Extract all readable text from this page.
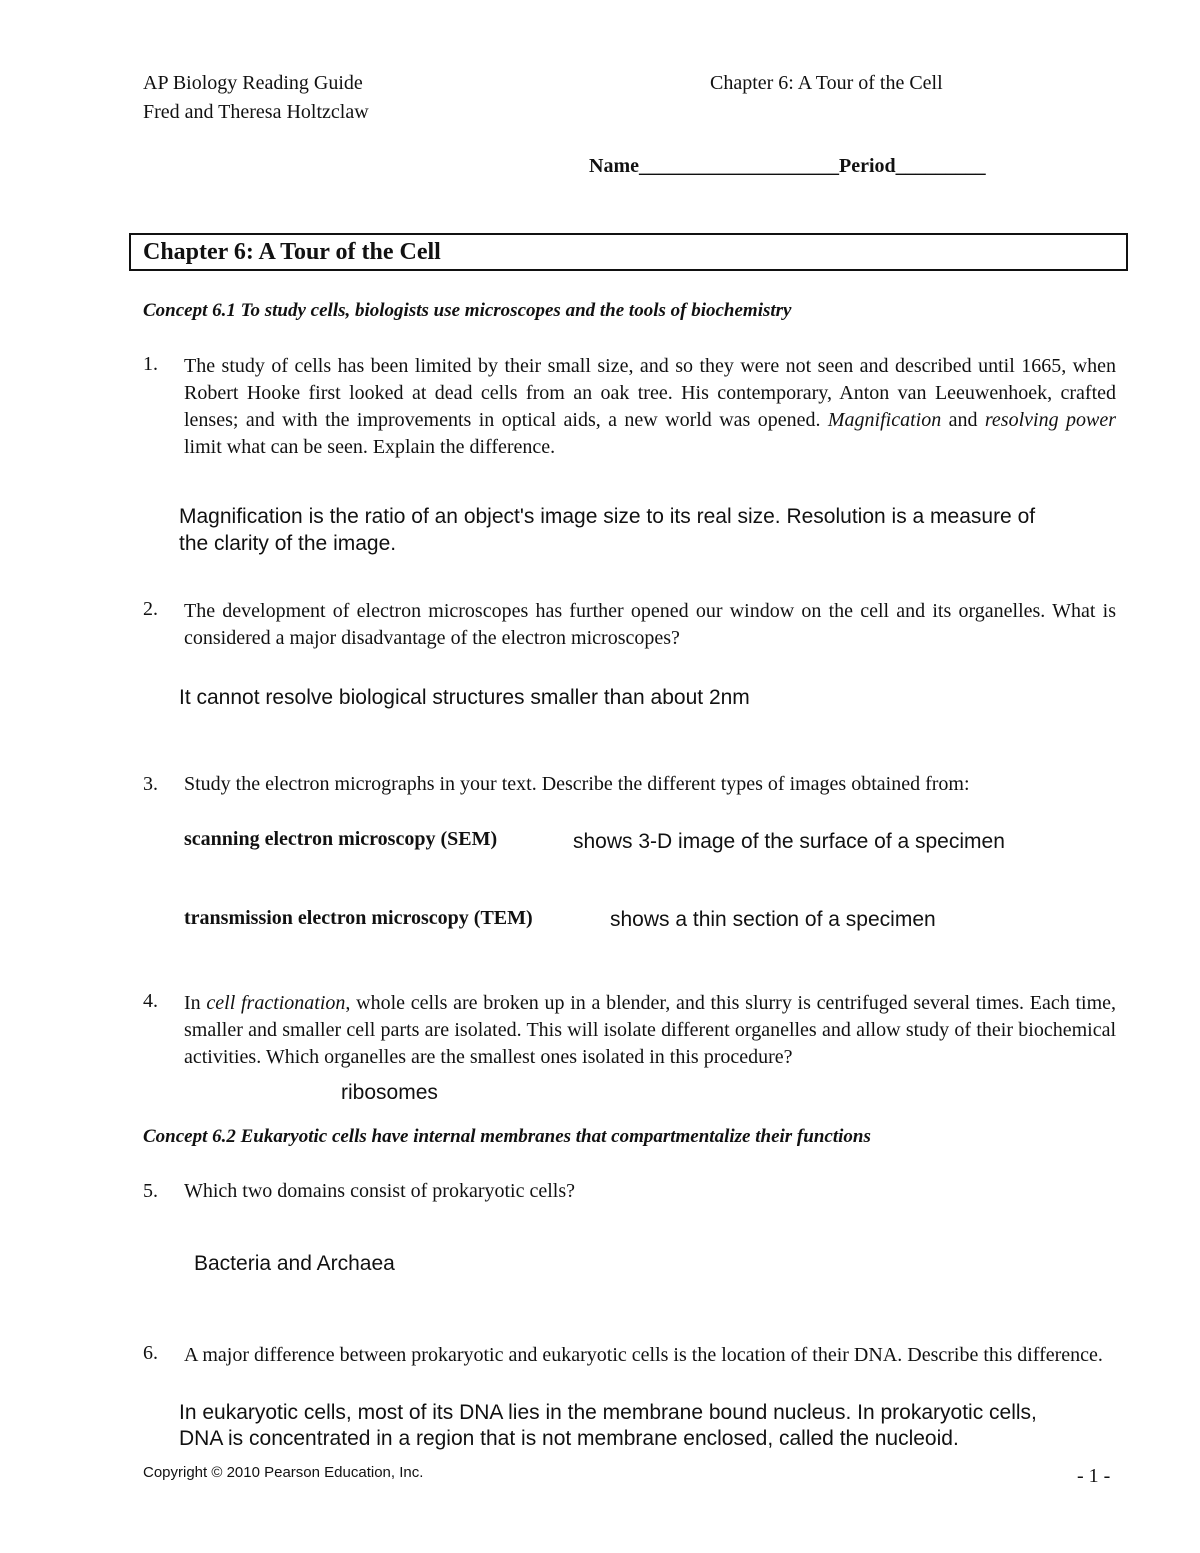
AP Biology Reading Guide
Fred and Theresa Holtzclaw
Chapter 6: A Tour of the Cell
Name____________________Period_________
Chapter 6: A Tour of the Cell
Concept 6.1 To study cells, biologists use microscopes and the tools of biochemistry
1. The study of cells has been limited by their small size, and so they were not seen and described until 1665, when Robert Hooke first looked at dead cells from an oak tree. His contemporary, Anton van Leeuwenhoek, crafted lenses; and with the improvements in optical aids, a new world was opened. Magnification and resolving power limit what can be seen. Explain the difference.
Magnification is the ratio of an object's image size to its real size. Resolution is a measure of
the clarity of the image.
2. The development of electron microscopes has further opened our window on the cell and its organelles. What is considered a major disadvantage of the electron microscopes?
It cannot resolve biological structures smaller than about 2nm
3. Study the electron micrographs in your text. Describe the different types of images obtained from:
scanning electron microscopy (SEM)	shows 3-D image of the surface of a specimen
transmission electron microscopy (TEM)	shows a thin section of a specimen
4. In cell fractionation, whole cells are broken up in a blender, and this slurry is centrifuged several times. Each time, smaller and smaller cell parts are isolated. This will isolate different organelles and allow study of their biochemical activities. Which organelles are the smallest ones isolated in this procedure?
ribosomes
Concept 6.2 Eukaryotic cells have internal membranes that compartmentalize their functions
5. Which two domains consist of prokaryotic cells?
Bacteria and Archaea
6. A major difference between prokaryotic and eukaryotic cells is the location of their DNA. Describe this difference.
In eukaryotic cells, most of its DNA lies in the membrane bound nucleus. In prokaryotic cells,
DNA is concentrated in a region that is not membrane enclosed, called the nucleoid.
Copyright © 2010 Pearson Education, Inc.	- 1 -
